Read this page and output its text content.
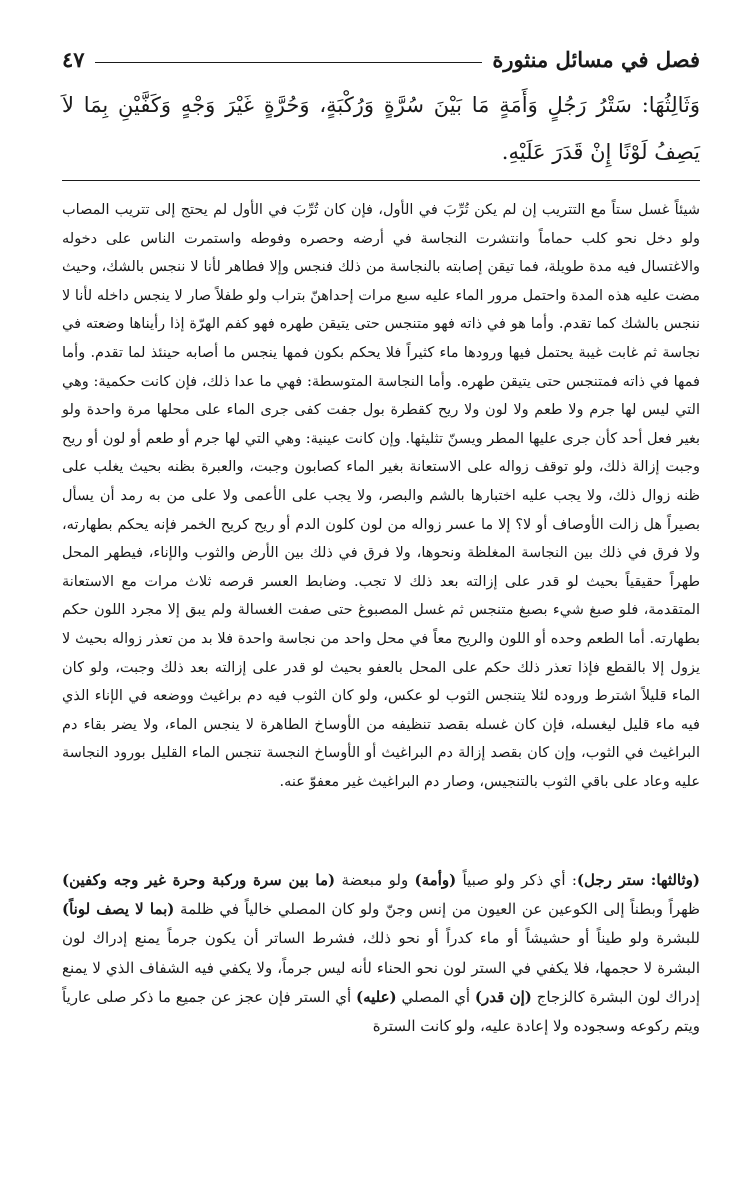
فصل في مسائل منثورة
٤٧
وَثَالِثُهَا: سَتْرُ رَجُلٍ وَأَمَةٍ مَا بَيْنَ سُرَّةٍ وَرُكْبَةٍ، وَحُرَّةٍ غَيْرَ وَجْهٍ وَكَفَّيْنِ بِمَا لاَ يَصِفُ لَوْنًا إِنْ قَدَرَ عَلَيْهِ.
شيئاً غسل ستاً مع التتريب إن لم يكن تُرِّبَ في الأول، فإن كان تُرِّبَ في الأول لم يحتج إلى تتريب المصاب ولو دخل نحو كلب حماماً وانتشرت النجاسة في أرضه وحصره وفوطه واستمرت الناس على دخوله والاغتسال فيه مدة طويلة، فما تيقن إصابته بالنجاسة من ذلك فنجس وإلا فطاهر لأنا لا ننجس بالشك، وحيث مضت عليه هذه المدة واحتمل مرور الماء عليه سبع مرات إحداهنّ بتراب ولو طفلاً صار لا ينجس داخله لأنا لا ننجس بالشك كما تقدم. وأما هو في ذاته فهو متنجس حتى يتيقن طهره فهو كفم الهرّة إذا رأيناها وضعته في نجاسة ثم غابت غيبة يحتمل فيها ورودها ماء كثيراً فلا يحكم بكون فمها ينجس ما أصابه حينئذ لما تقدم. وأما فمها في ذاته فمتنجس حتى يتيقن طهره. وأما النجاسة المتوسطة: فهي ما عدا ذلك، فإن كانت حكمية: وهي التي ليس لها جرم ولا طعم ولا لون ولا ريح كقطرة بول جفت كفى جرى الماء على محلها مرة واحدة ولو بغير فعل أحد كأن جرى عليها المطر ويسنّ تثليثها. وإن كانت عينية: وهي التي لها جرم أو طعم أو لون أو ريح وجبت إزالة ذلك، ولو توقف زواله على الاستعانة بغير الماء كصابون وجبت، والعبرة بظنه بحيث يغلب على ظنه زوال ذلك، ولا يجب عليه اختبارها بالشم والبصر، ولا يجب على الأعمى ولا على من به رمد أن يسأل بصيراً هل زالت الأوصاف أو لا؟ إلا ما عسر زواله من لون كلون الدم أو ريح كريح الخمر فإنه يحكم بطهارته، ولا فرق في ذلك بين النجاسة المغلظة ونحوها، ولا فرق في ذلك بين الأرض والثوب والإناء، فيطهر المحل طهراً حقيقياً بحيث لو قدر على إزالته بعد ذلك لا تجب. وضابط العسر قرصه ثلاث مرات مع الاستعانة المتقدمة، فلو صبغ شيء بصبغ متنجس ثم غسل المصبوغ حتى صفت الغسالة ولم يبق إلا مجرد اللون حكم بطهارته. أما الطعم وحده أو اللون والريح معاً في محل واحد من نجاسة واحدة فلا بد من تعذر زواله بحيث لا يزول إلا بالقطع فإذا تعذر ذلك حكم على المحل بالعفو بحيث لو قدر على إزالته بعد ذلك وجبت، ولو كان الماء قليلاً اشترط وروده لئلا يتنجس الثوب لو عكس، ولو كان الثوب فيه دم براغيث ووضعه في الإناء الذي فيه ماء قليل ليغسله، فإن كان غسله بقصد تنظيفه من الأوساخ الطاهرة لا ينجس الماء، ولا يضر بقاء دم البراغيث في الثوب، وإن كان بقصد إزالة دم البراغيث أو الأوساخ النجسة تنجس الماء القليل بورود النجاسة عليه وعاد على باقي الثوب بالتنجيس، وصار دم البراغيث غير معفوّ عنه.
(وثالثها: ستر رجل): أي ذكر ولو صبياً (وأمة) ولو مبعضة (ما بين سرة وركبة وحرة غير وجه وكفين) ظهراً وبطناً إلى الكوعين عن العيون من إنس وجنّ ولو كان المصلي خالياً في ظلمة (بما لا يصف لوناً) للبشرة ولو طيناً أو حشيشاً أو ماء كدراً أو نحو ذلك، فشرط الساتر أن يكون جرماً يمنع إدراك لون البشرة لا حجمها، فلا يكفي في الستر لون نحو الحناء لأنه ليس جرماً، ولا يكفي فيه الشفاف الذي لا يمنع إدراك لون البشرة كالزجاج (إن قدر) أي المصلي (عليه) أي الستر فإن عجز عن جميع ما ذكر صلى عارياً ويتم ركوعه وسجوده ولا إعادة عليه، ولو كانت السترة
